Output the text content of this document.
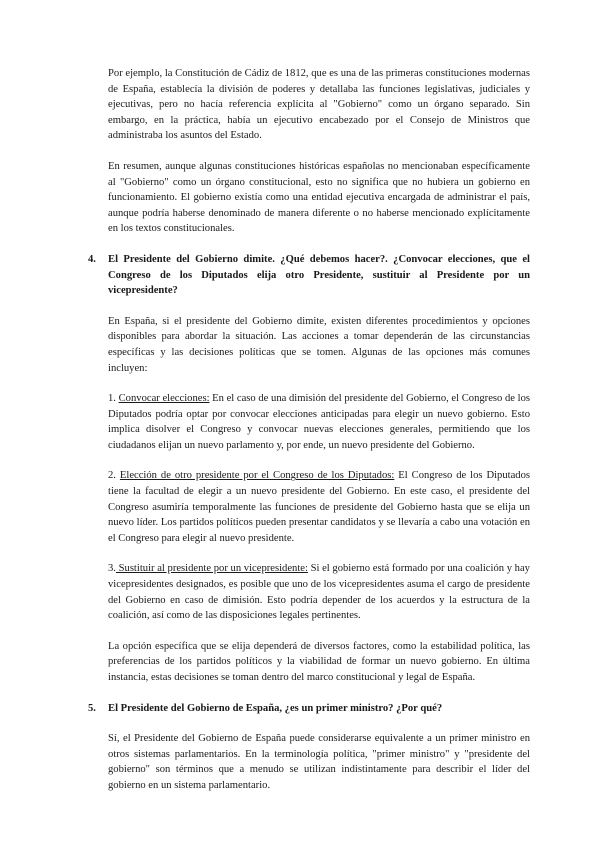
Por ejemplo, la Constitución de Cádiz de 1812, que es una de las primeras constituciones modernas de España, establecía la división de poderes y detallaba las funciones legislativas, judiciales y ejecutivas, pero no hacía referencia explícita al "Gobierno" como un órgano separado. Sin embargo, en la práctica, había un ejecutivo encabezado por el Consejo de Ministros que administraba los asuntos del Estado.

En resumen, aunque algunas constituciones históricas españolas no mencionaban específicamente al "Gobierno" como un órgano constitucional, esto no significa que no hubiera un gobierno en funcionamiento. El gobierno existía como una entidad ejecutiva encargada de administrar el país, aunque podría haberse denominado de manera diferente o no haberse mencionado explícitamente en los textos constitucionales.

4. El Presidente del Gobierno dimite. ¿Qué debemos hacer?. ¿Convocar elecciones, que el Congreso de los Diputados elija otro Presidente, sustituir al Presidente por un vicepresidente?

En España, si el presidente del Gobierno dimite, existen diferentes procedimientos y opciones disponibles para abordar la situación. Las acciones a tomar dependerán de las circunstancias específicas y las decisiones políticas que se tomen. Algunas de las opciones más comunes incluyen:

1. Convocar elecciones: En el caso de una dimisión del presidente del Gobierno, el Congreso de los Diputados podría optar por convocar elecciones anticipadas para elegir un nuevo gobierno. Esto implica disolver el Congreso y convocar nuevas elecciones generales, permitiendo que los ciudadanos elijan un nuevo parlamento y, por ende, un nuevo presidente del Gobierno.

2. Elección de otro presidente por el Congreso de los Diputados: El Congreso de los Diputados tiene la facultad de elegir a un nuevo presidente del Gobierno. En este caso, el presidente del Congreso asumiría temporalmente las funciones de presidente del Gobierno hasta que se elija un nuevo líder. Los partidos políticos pueden presentar candidatos y se llevaría a cabo una votación en el Congreso para elegir al nuevo presidente.

3. Sustituir al presidente por un vicepresidente: Si el gobierno está formado por una coalición y hay vicepresidentes designados, es posible que uno de los vicepresidentes asuma el cargo de presidente del Gobierno en caso de dimisión. Esto podría depender de los acuerdos y la estructura de la coalición, así como de las disposiciones legales pertinentes.

La opción específica que se elija dependerá de diversos factores, como la estabilidad política, las preferencias de los partidos políticos y la viabilidad de formar un nuevo gobierno. En última instancia, estas decisiones se toman dentro del marco constitucional y legal de España.

5. El Presidente del Gobierno de España, ¿es un primer ministro? ¿Por qué?

Sí, el Presidente del Gobierno de España puede considerarse equivalente a un primer ministro en otros sistemas parlamentarios. En la terminología política, "primer ministro" y "presidente del gobierno" son términos que a menudo se utilizan indistintamente para describir el líder del gobierno en un sistema parlamentario.
